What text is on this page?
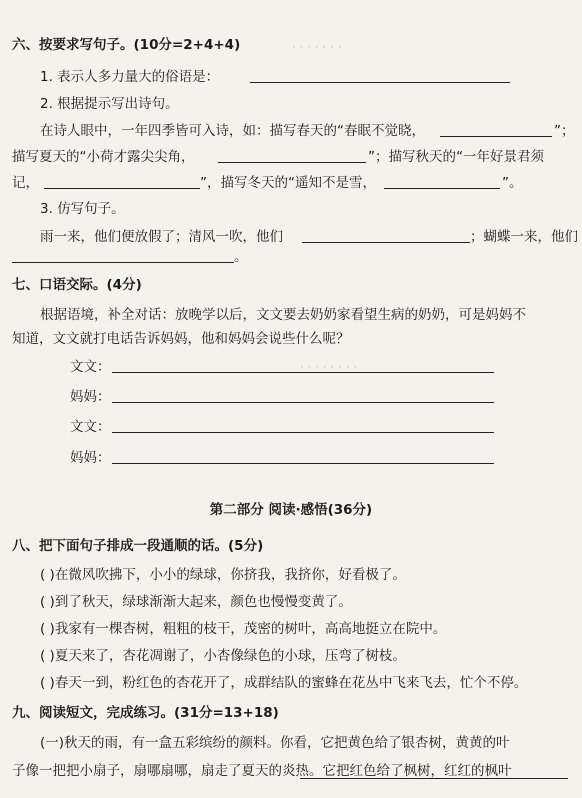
· · · · · · ·
· · · · · · · ·
六、按要求写句子。(10分=2+4+4)
1. 表示人多力量大的俗语是：
2. 根据提示写出诗句。
在诗人眼中，一年四季皆可入诗，如：描写春天的“春眠不觉晓，	”；
描写夏天的“小荷才露尖尖角，	”；描写秋天的“一年好景君须
记，	”，描写冬天的“遥知不是雪，	”。
3. 仿写句子。
雨一来，他们便放假了；清风一吹，他们	；蝴蝶一来，他们
。
七、口语交际。(4分)
根据语境，补全对话：放晚学以后，文文要去奶奶家看望生病的奶奶，可是妈妈不
知道，文文就打电话告诉妈妈，他和妈妈会说些什么呢？
文文：
妈妈：
文文：
妈妈：
第二部分 阅读·感悟(36分)
八、把下面句子排成一段通顺的话。(5分)
( )在微风吹拂下，小小的绿球，你挤我，我挤你，好看极了。
( )到了秋天，绿球渐渐大起来，颜色也慢慢变黄了。
( )我家有一棵杏树，粗粗的枝干，茂密的树叶，高高地挺立在院中。
( )夏天来了，杏花凋谢了，小杏像绿色的小球，压弯了树枝。
( )春天一到，粉红色的杏花开了，成群结队的蜜蜂在花丛中飞来飞去，忙个不停。
九、阅读短文，完成练习。(31分=13+18)
(一)秋天的雨，有一盒五彩缤纷的颜料。你看，它把黄色给了银杏树，黄黄的叶
子像一把把小扇子，扇哪扇哪，扇走了夏天的炎热。它把红色给了枫树，红红的枫叶
